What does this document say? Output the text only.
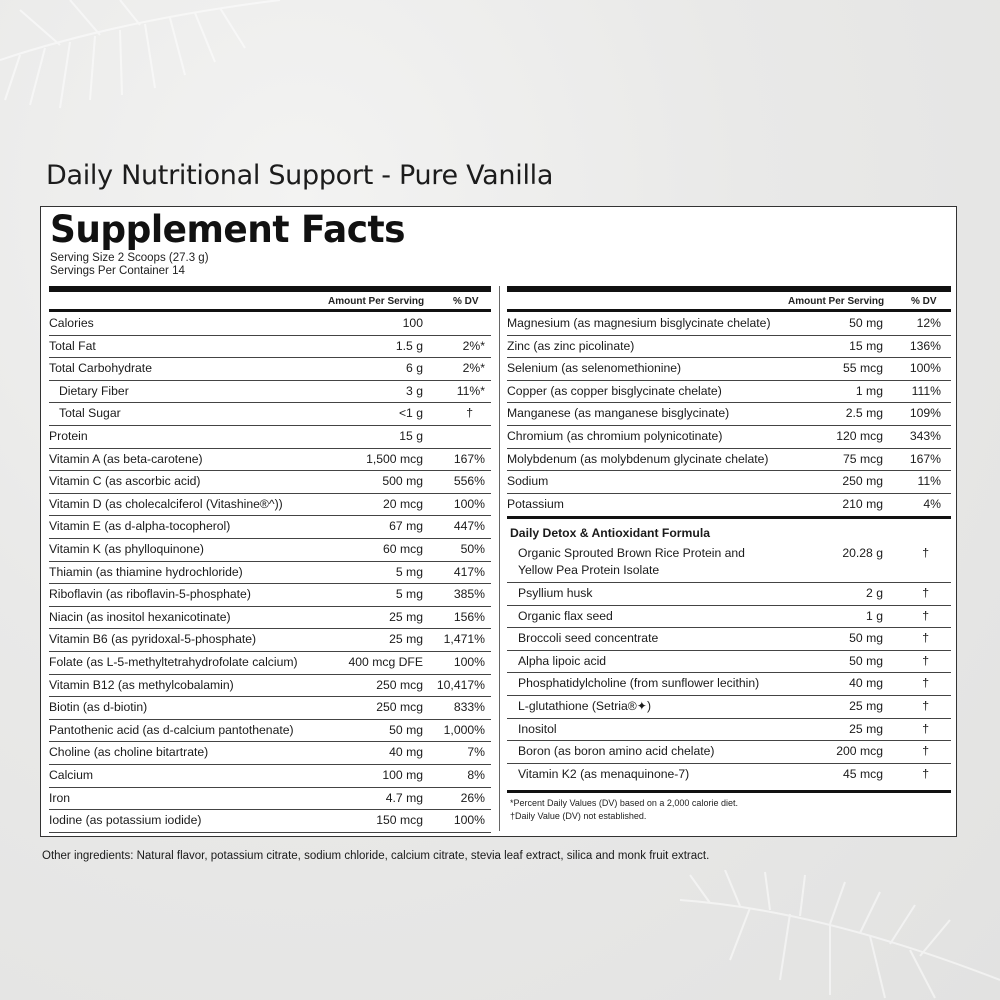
Daily Nutritional Support - Pure Vanilla
Supplement Facts
Serving Size 2 Scoops (27.3 g)
Servings Per Container 14
Amount Per Serving	% DV
Calories	100
Total Fat	1.5 g	2%*
Total Carbohydrate	6 g	2%*
Dietary Fiber	3 g	11%*
Total Sugar	<1 g	†
Protein	15 g
Vitamin A (as beta-carotene)	1,500 mcg	167%
Vitamin C (as ascorbic acid)	500 mg	556%
Vitamin D (as cholecalciferol (Vitashine®^))	20 mcg	100%
Vitamin E (as d-alpha-tocopherol)	67 mg	447%
Vitamin K (as phylloquinone)	60 mcg	50%
Thiamin (as thiamine hydrochloride)	5 mg	417%
Riboflavin (as riboflavin-5-phosphate)	5 mg	385%
Niacin (as inositol hexanicotinate)	25 mg	156%
Vitamin B6 (as pyridoxal-5-phosphate)	25 mg 1,471%
Folate (as L-5-methyltetrahydrofolate calcium)	400 mcg DFE	100%
Vitamin B12 (as methylcobalamin)	250 mcg 10,417%
Biotin (as d-biotin)	250 mcg	833%
Pantothenic acid (as d-calcium pantothenate)	50 mg 1,000%
Choline (as choline bitartrate)	40 mg	7%
Calcium	100 mg	8%
Iron	4.7 mg	26%
Iodine (as potassium iodide)	150 mcg	100%
Amount Per Serving	% DV
Magnesium (as magnesium bisglycinate chelate)	50 mg	12%
Zinc (as zinc picolinate)	15 mg 136%
Selenium (as selenomethionine)	55 mcg 100%
Copper (as copper bisglycinate chelate)	1 mg 111%
Manganese (as manganese bisglycinate)	2.5 mg 109%
Chromium (as chromium polynicotinate)	120 mcg 343%
Molybdenum (as molybdenum glycinate chelate)	75 mcg 167%
Sodium	250 mg	11%
Potassium	210 mg	4%
Daily Detox & Antioxidant Formula
Organic Sprouted Brown Rice Protein and
Yellow Pea Protein Isolate
20.28 g	†
Psyllium husk	2 g	†
Organic flax seed	1 g	†
Broccoli seed concentrate	50 mg	†
Alpha lipoic acid	50 mg	†
Phosphatidylcholine (from sunflower lecithin)	40 mg	†
L-glutathione (Setria®✦)	25 mg	†
Inositol	25 mg	†
Boron (as boron amino acid chelate)	200 mcg	†
Vitamin K2 (as menaquinone-7)	45 mcg	†
*Percent Daily Values (DV) based on a 2,000 calorie diet.
†Daily Value (DV) not established.
Other ingredients: Natural flavor, potassium citrate, sodium chloride, calcium citrate, stevia leaf extract, silica and monk fruit extract.
